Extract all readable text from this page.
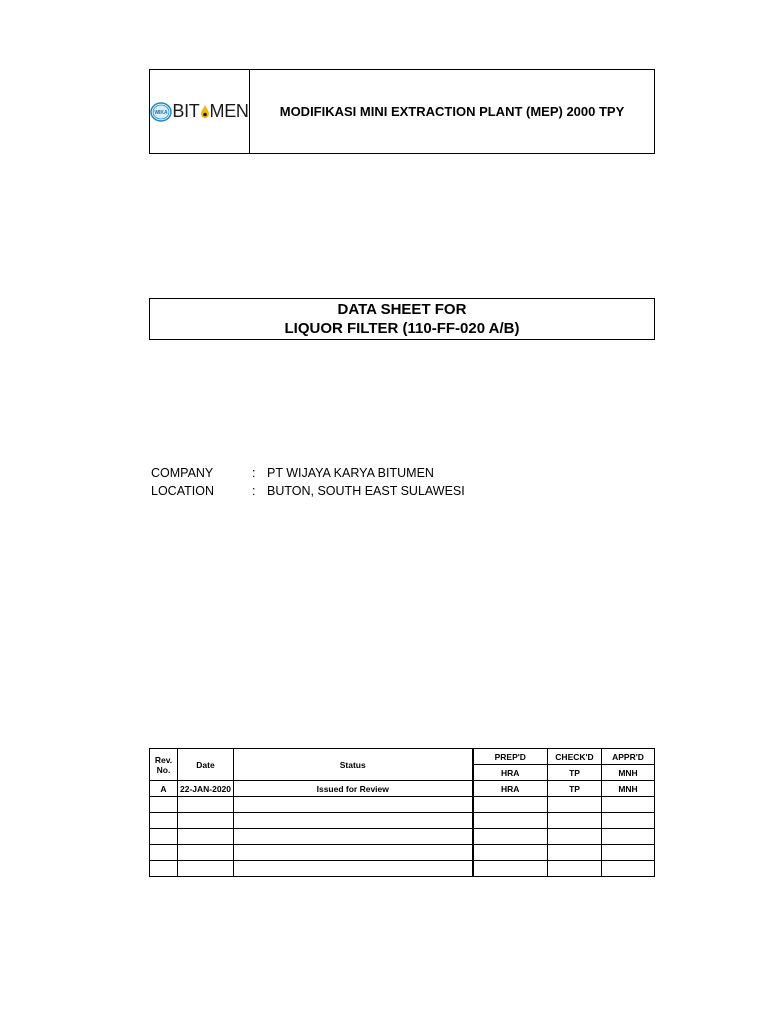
WIKA BIT MEN	MODIFIKASI MINI EXTRACTION PLANT (MEP) 2000 TPY
DATA SHEET FOR
LIQUOR FILTER (110-FF-020 A/B)
COMPANY	: PT WIJAYA KARYA BITUMEN
LOCATION	: BUTON, SOUTH EAST SULAWESI
Rev.
No.	Date	Status	PREP'D	CHECK'D	APPR'D
			HRA	TP	MNH
A	22-JAN-2020	Issued for Review	HRA	TP	MNH
